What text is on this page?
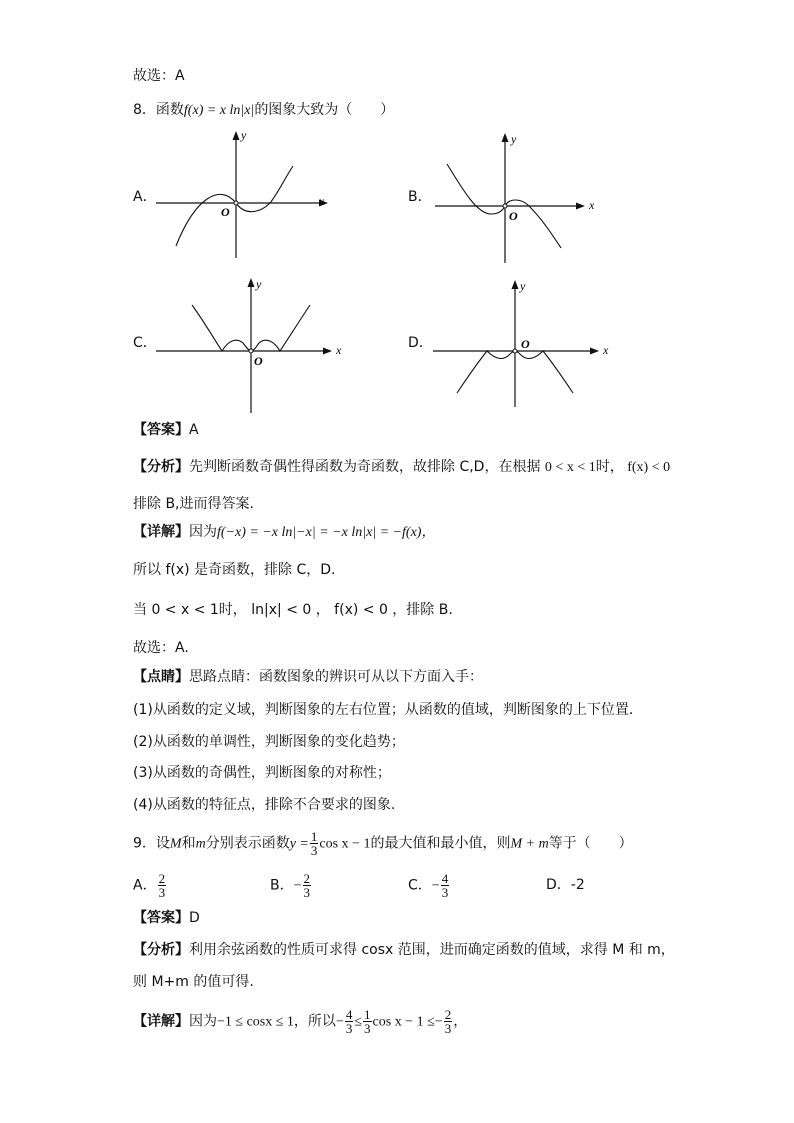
故选：A
8．函数f(x) = x ln|x|的图象大致为（　　）
A．
y
x
O
B．
y
x
O
C．
y
x
O
D．
y
x
O
【答案】A
【分析】先判断函数奇偶性得函数为奇函数，故排除 C,D，在根据 0 < x < 1时， f(x) < 0
排除 B,进而得答案.
【详解】因为f(−x) = −x ln|−x| = −x ln|x| = −f(x)，
所以 f(x) 是奇函数，排除 C，D.
当 0 < x < 1时， ln|x| < 0 ， f(x) < 0 ，排除 B.
故选：A.
【点睛】思路点睛：函数图象的辨识可从以下方面入手：
(1)从函数的定义域，判断图象的左右位置；从函数的值域，判断图象的上下位置．
(2)从函数的单调性，判断图象的变化趋势；
(3)从函数的奇偶性，判断图象的对称性；
(4)从函数的特征点，排除不合要求的图象.
9．设M和m分别表示函数$y = \frac{1}{3}$ cos x − 1的最大值和最小值，则M + m等于（　　）
A． $\frac{2}{3}$	B．− $\frac{2}{3}$	C．− $\frac{4}{3}$	D．-2
【答案】D
【分析】利用余弦函数的性质可求得 cosx 范围，进而确定函数的值域，求得 M 和 m，
则 M+m 的值可得.
【详解】因为−1 ≤ cosx ≤ 1，所以− $\frac{4}{3} \le \frac{1}{3}$ $\cos x - 1 \le- \frac{2}{3}$ ，
